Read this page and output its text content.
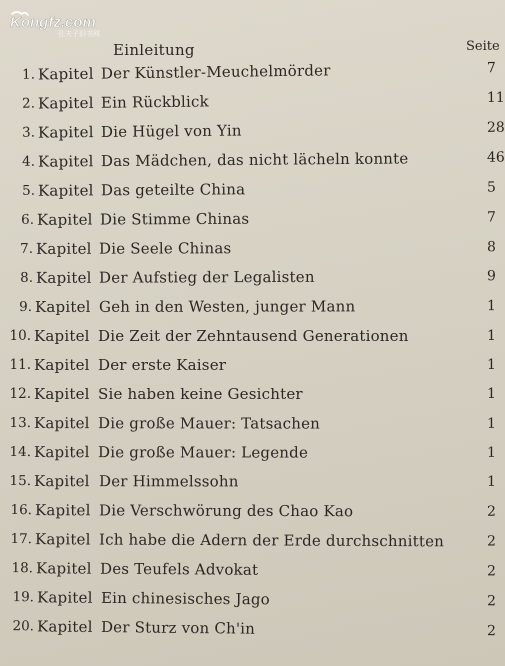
Kongfz.com
孔夫子旧书网
Einleitung	Seite
1. Kapitel Der Künstler-Meuchelmörder	7
2. Kapitel Ein Rückblick	11
3. Kapitel Die Hügel von Yin	28
4. Kapitel Das Mädchen, das nicht lächeln konnte	46
5. Kapitel Das geteilte China	5
6. Kapitel Die Stimme Chinas	7
7. Kapitel Die Seele Chinas	8
8. Kapitel Der Aufstieg der Legalisten	9
9. Kapitel Geh in den Westen, junger Mann	1
10. Kapitel Die Zeit der Zehntausend Generationen	1
11. Kapitel Der erste Kaiser	1
12. Kapitel Sie haben keine Gesichter	1
13. Kapitel Die große Mauer: Tatsachen	1
14. Kapitel Die große Mauer: Legende	1
15. Kapitel Der Himmelssohn	1
16. Kapitel Die Verschwörung des Chao Kao	2
17. Kapitel Ich habe die Adern der Erde durchschnitten	2
18. Kapitel Des Teufels Advokat	2
19. Kapitel Ein chinesisches Jago	2
20. Kapitel Der Sturz von Ch'in	2
